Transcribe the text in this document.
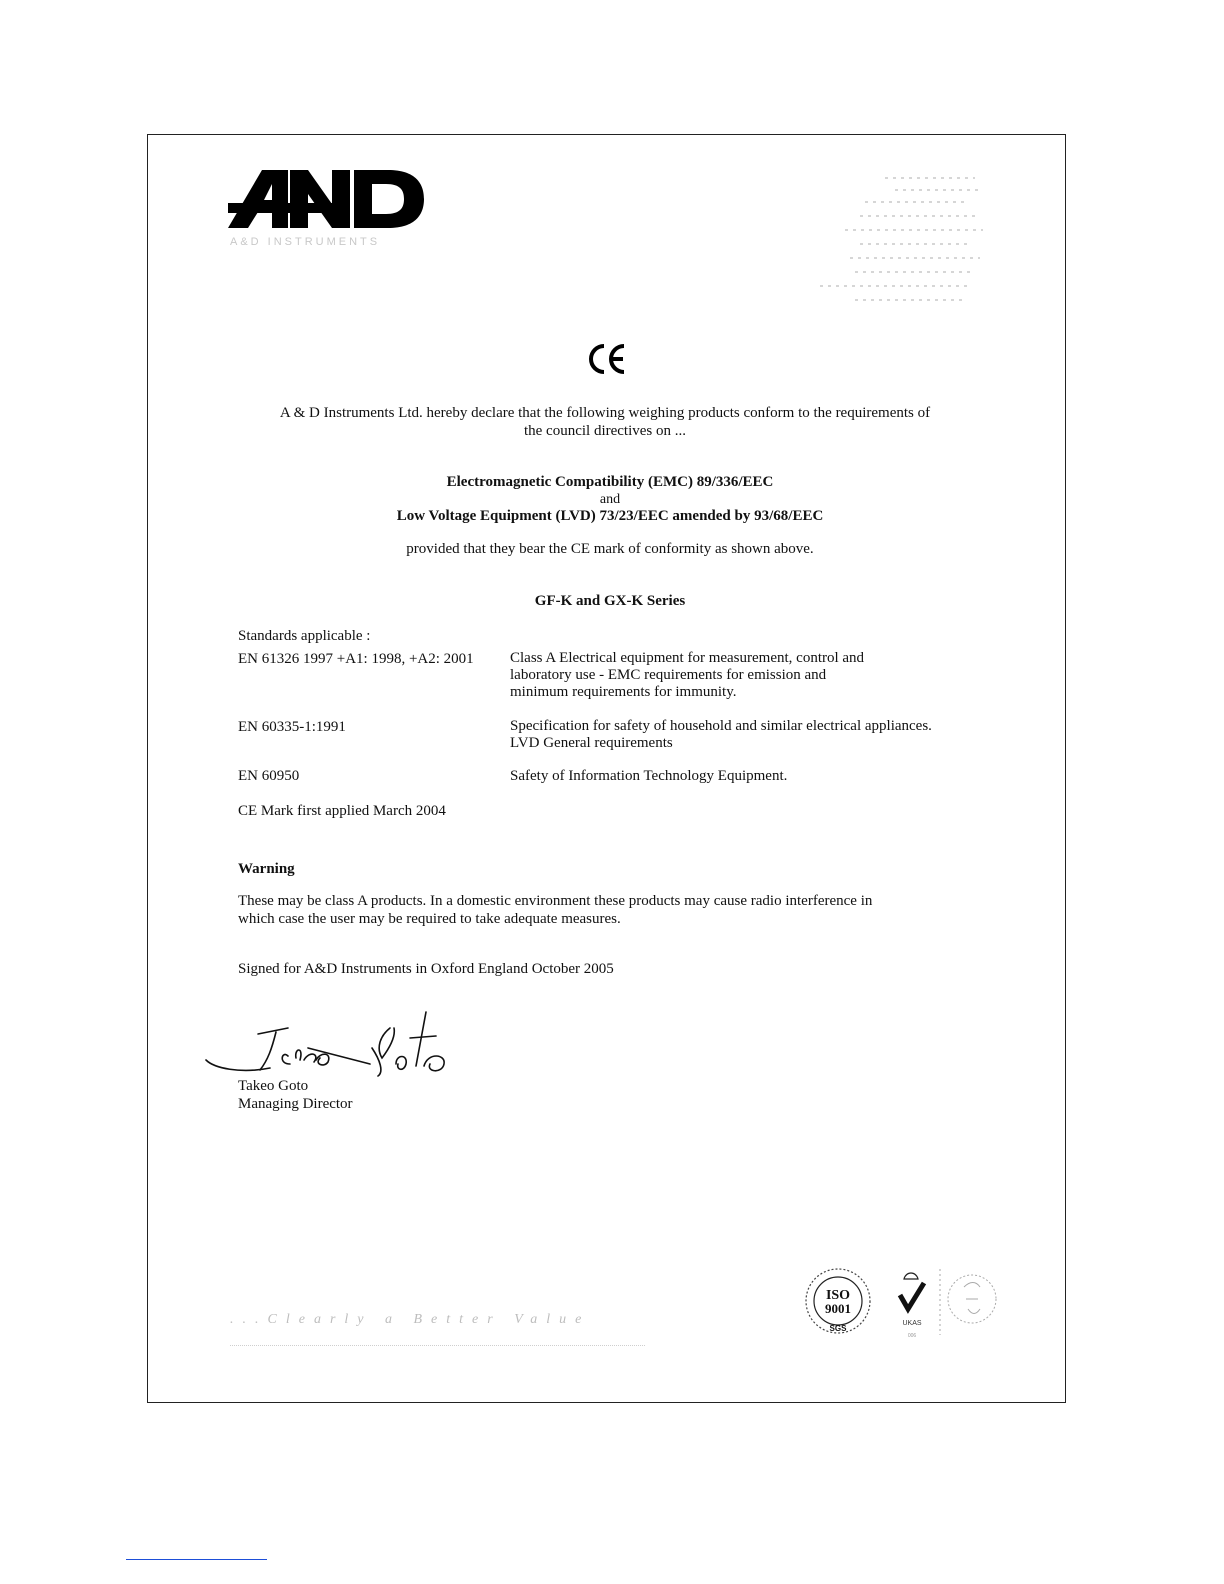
A&D INSTRUMENTS
A & D Instruments Ltd. hereby declare that the following weighing products conform to the requirements of
the council directives on ...
Electromagnetic Compatibility (EMC) 89/336/EEC
and
Low Voltage Equipment (LVD) 73/23/EEC amended by 93/68/EEC
provided that they bear the CE mark of conformity as shown above.
GF-K and GX-K Series
Standards applicable :
EN 61326 1997 +A1: 1998, +A2: 2001 Class A Electrical equipment for measurement, control and
laboratory use - EMC requirements for emission and
minimum requirements for immunity.
EN 60335-1:1991	Specification for safety of household and similar electrical appliances.
LVD General requirements
EN 60950	Safety of Information Technology Equipment.
CE Mark first applied March 2004
Warning
These may be class A products. In a domestic environment these products may cause radio interference in
which case the user may be required to take adequate measures.
Signed for A&D Instruments in Oxford England October 2005
Takeo Goto
Managing Director
...Clearly a Better Value
ISO
9001
SGS
UKAS
006
